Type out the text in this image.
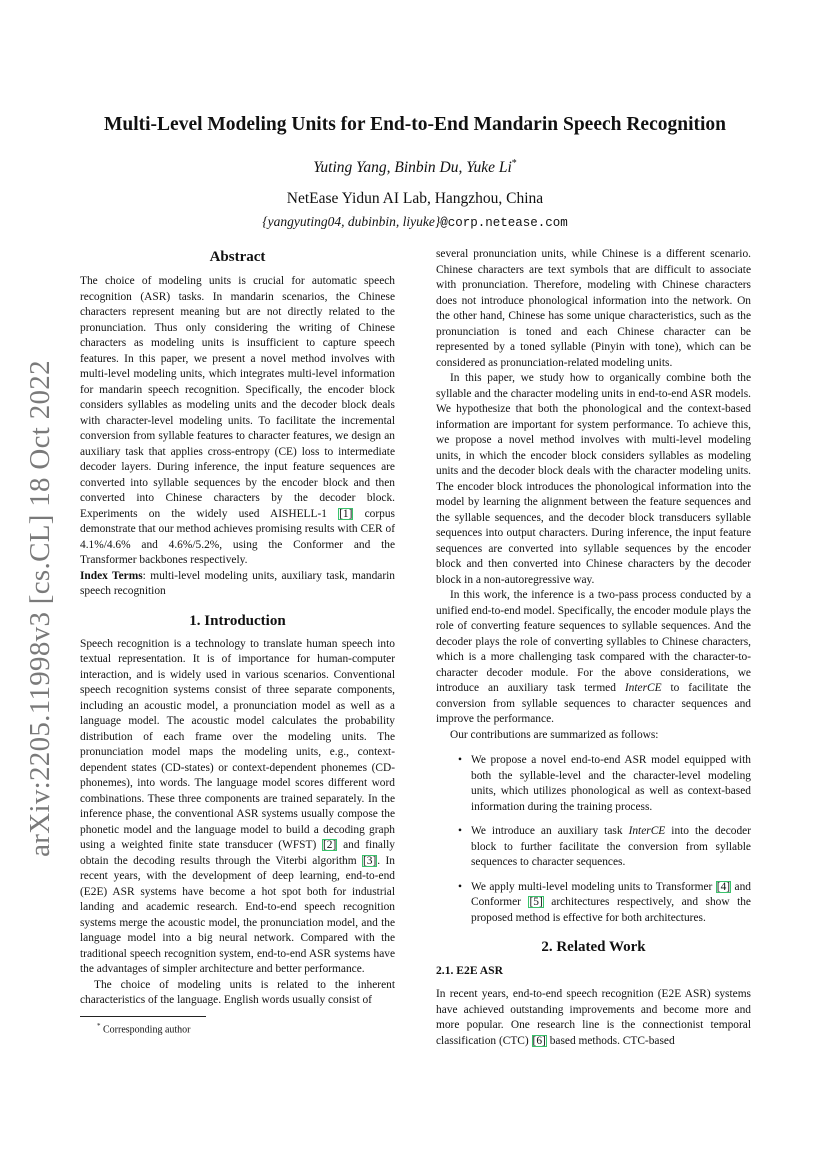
arXiv:2205.11998v3 [cs.CL] 18 Oct 2022
Multi-Level Modeling Units for End-to-End Mandarin Speech Recognition
Yuting Yang, Binbin Du, Yuke Li*
NetEase Yidun AI Lab, Hangzhou, China
{yangyuting04, dubinbin, liyuke}@corp.netease.com
Abstract

The choice of modeling units is crucial for automatic speech recognition (ASR) tasks. In mandarin scenarios, the Chinese characters represent meaning but are not directly related to the pronunciation. Thus only considering the writing of Chinese characters as modeling units is insufficient to capture speech features. In this paper, we present a novel method involves with multi-level modeling units, which integrates multi-level information for mandarin speech recognition. Specifically, the encoder block considers syllables as modeling units and the decoder block deals with character-level modeling units. To facilitate the incremental conversion from syllable features to character features, we design an auxiliary task that applies cross-entropy (CE) loss to intermediate decoder layers. During inference, the input feature sequences are converted into syllable sequences by the encoder block and then converted into Chinese characters by the decoder block. Experiments on the widely used AISHELL-1 [1] corpus demonstrate that our method achieves promising results with CER of 4.1%/4.6% and 4.6%/5.2%, using the Conformer and the Transformer backbones respectively.

Index Terms: multi-level modeling units, auxiliary task, mandarin speech recognition

1. Introduction

Speech recognition is a technology to translate human speech into textual representation. It is of importance for human-computer interaction, and is widely used in various scenarios. Conventional speech recognition systems consist of three separate components, including an acoustic model, a pronunciation model as well as a language model. The acoustic model calculates the probability distribution of each frame over the modeling units. The pronunciation model maps the modeling units, e.g., context-dependent states (CD-states) or context-dependent phonemes (CD-phonemes), into words. The language model scores different word combinations. These three components are trained separately. In the inference phase, the conventional ASR systems usually compose the phonetic model and the language model to build a decoding graph using a weighted finite state transducer (WFST) [2] and finally obtain the decoding results through the Viterbi algorithm [3]. In recent years, with the development of deep learning, end-to-end (E2E) ASR systems have become a hot spot both for industrial landing and academic research. End-to-end speech recognition systems merge the acoustic model, the pronunciation model, and the language model into a big neural network. Compared with the traditional speech recognition system, end-to-end ASR systems have the advantages of simpler architecture and better performance.

The choice of modeling units is related to the inherent characteristics of the language. English words usually consist of

several pronunciation units, while Chinese is a different scenario. Chinese characters are text symbols that are difficult to associate with pronunciation. Therefore, modeling with Chinese characters does not introduce phonological information into the network. On the other hand, Chinese has some unique characteristics, such as the pronunciation is toned and each Chinese character can be represented by a toned syllable (Pinyin with tone), which can be considered as pronunciation-related modeling units.

In this paper, we study how to organically combine both the syllable and the character modeling units in end-to-end ASR models. We hypothesize that both the phonological and the context-based information are important for system performance. To achieve this, we propose a novel method involves with multi-level modeling units, in which the encoder block considers syllables as modeling units and the decoder block deals with the character modeling units. The encoder block introduces the phonological information into the model by learning the alignment between the feature sequences and the syllable sequences, and the decoder block transducers syllable sequences into output characters. During inference, the input feature sequences are converted into syllable sequences by the encoder block and then converted into Chinese characters by the decoder block in a non-autoregressive way.

In this work, the inference is a two-pass process conducted by a unified end-to-end model. Specifically, the encoder module plays the role of converting feature sequences to syllable sequences. And the decoder plays the role of converting syllables to Chinese characters, which is a more challenging task compared with the character-to-character decoder module. For the above considerations, we introduce an auxiliary task termed InterCE to facilitate the conversion from syllable sequences to character sequences and improve the performance.

Our contributions are summarized as follows:

• We propose a novel end-to-end ASR model equipped with both the syllable-level and the character-level modeling units, which utilizes phonological as well as context-based information during the training process.
• We introduce an auxiliary task InterCE into the decoder block to further facilitate the conversion from syllable sequences to character sequences.
• We apply multi-level modeling units to Transformer [4] and Conformer [5] architectures respectively, and show the proposed method is effective for both architectures.
2. Related Work
2.1. E2E ASR

In recent years, end-to-end speech recognition (E2E ASR) systems have achieved outstanding improvements and become more and more popular. One research line is the connectionist temporal classification (CTC) [6] based methods. CTC-based

* Corresponding author
